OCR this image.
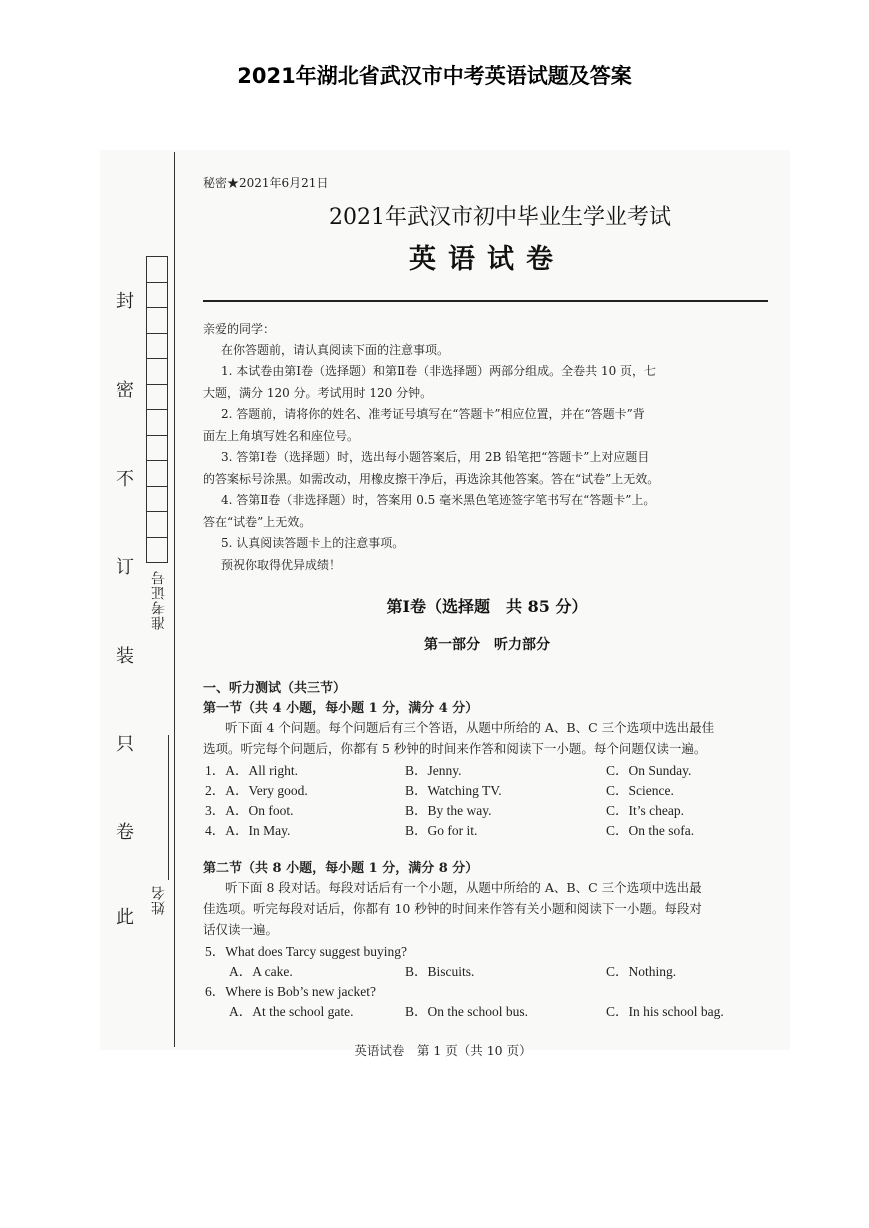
2021年湖北省武汉市中考英语试题及答案
封
密
不
订
装
只
卷
此
准考证号
姓名
秘密★2021年6月21日
2021年武汉市初中毕业生学业考试
英语试卷
亲爱的同学：
在你答题前，请认真阅读下面的注意事项。
1. 本试卷由第Ⅰ卷（选择题）和第Ⅱ卷（非选择题）两部分组成。全卷共 10 页，七
大题，满分 120 分。考试用时 120 分钟。
2. 答题前，请将你的姓名、准考证号填写在“答题卡”相应位置，并在“答题卡”背
面左上角填写姓名和座位号。
3. 答第Ⅰ卷（选择题）时，选出每小题答案后，用 2B 铅笔把“答题卡”上对应题目
的答案标号涂黑。如需改动，用橡皮擦干净后，再选涂其他答案。答在“试卷”上无效。
4. 答第Ⅱ卷（非选择题）时，答案用 0.5 毫米黑色笔迹签字笔书写在“答题卡”上。
答在“试卷”上无效。
5. 认真阅读答题卡上的注意事项。
预祝你取得优异成绩！
第Ⅰ卷（选择题　共 85 分）
第一部分　听力部分
一、听力测试（共三节）
第一节（共 4 小题，每小题 1 分，满分 4 分）
听下面 4 个问题。每个问题后有三个答语，从题中所给的 A、B、C 三个选项中选出最佳
选项。听完每个问题后，你都有 5 秒钟的时间来作答和阅读下一小题。每个问题仅读一遍。
1．A．All right.	B．Jenny.	C．On Sunday.
2．A．Very good.	B．Watching TV.	C．Science.
3．A．On foot.	B．By the way.	C．It’s cheap.
4．A．In May.	B．Go for it.	C．On the sofa.
第二节（共 8 小题，每小题 1 分，满分 8 分）
听下面 8 段对话。每段对话后有一个小题，从题中所给的 A、B、C 三个选项中选出最
佳选项。听完每段对话后，你都有 10 秒钟的时间来作答有关小题和阅读下一小题。每段对
话仅读一遍。
5．What does Tarcy suggest buying?
A．A cake.	B．Biscuits.	C．Nothing.
6．Where is Bob’s new jacket?
A．At the school gate.	B．On the school bus.	C．In his school bag.
英语试卷　第 1 页（共 10 页）
